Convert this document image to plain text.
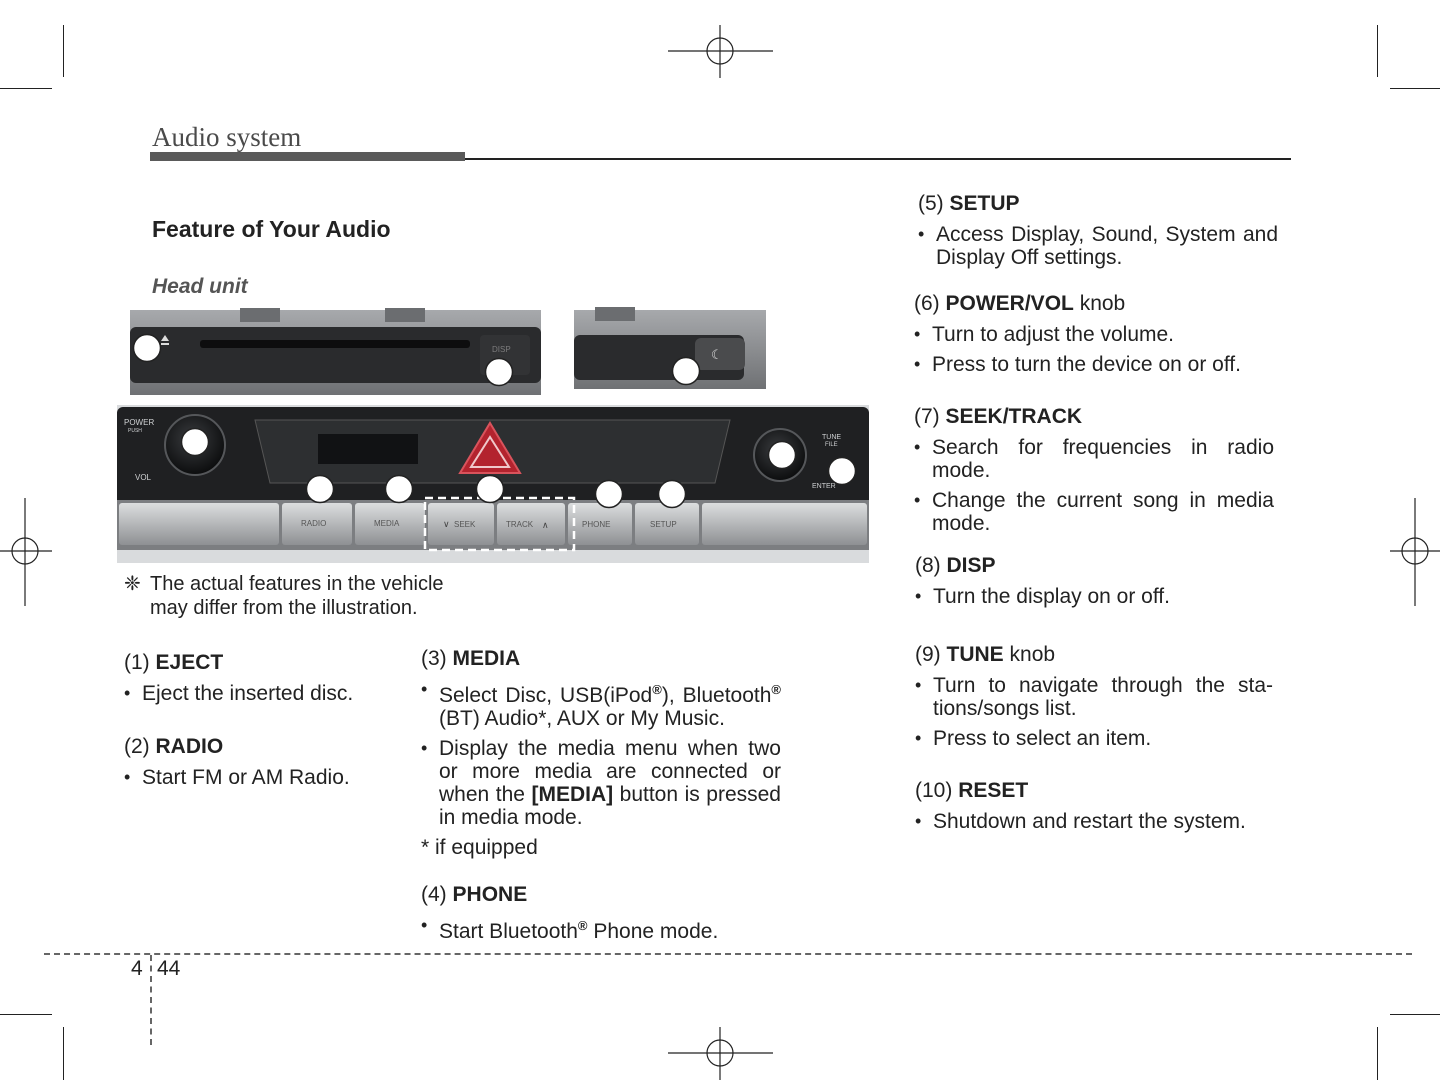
Audio system
Feature of Your Audio
Head unit
☾
POWER
PUSH
VOL
TUNE
FILE
ENTER
RADIO	MEDIA	∨ SEEK	TRACK ∧	PHONE	SETUP
❈ The actual features in the vehicle
may differ from the illustration.
(1) EJECT
• Eject the inserted disc.
(2) RADIO
• Start FM or AM Radio.
(3) MEDIA
• Select Disc, USB(iPod®), Bluetooth® (BT) Audio*, AUX or My Music.
• Display the media menu when two or more media are connected or when the [MEDIA] button is pressed in media mode.
* if equipped
(4) PHONE
• Start Bluetooth® Phone mode.
(5) SETUP
• Access Display, Sound, System and Display Off settings.
(6) POWER/VOL knob
• Turn to adjust the volume.
• Press to turn the device on or off.
(7) SEEK/TRACK
• Search for frequencies in radio mode.
• Change the current song in media mode.
(8) DISP
• Turn the display on or off.
(9) TUNE knob
• Turn to navigate through the sta- tions/songs list.
• Press to select an item.
(10) RESET
• Shutdown and restart the system.
4 44
